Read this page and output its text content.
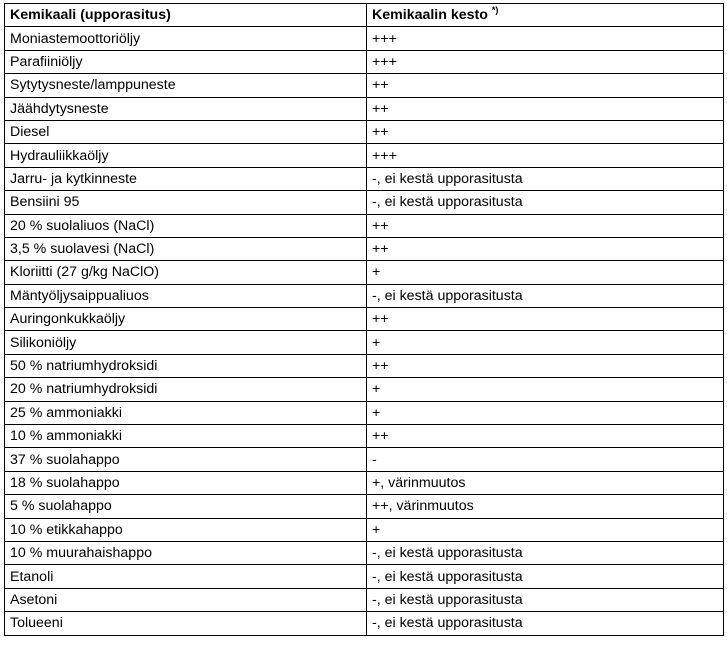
Kemikaali (upporasitus)	Kemikaalin kesto *)
Moniastemoottoriöljy	+++
Parafiiniöljy	+++
Sytytysneste/lamppuneste	++
Jäähdytysneste	++
Diesel	++
Hydrauliikkaöljy	+++
Jarru- ja kytkinneste	-, ei kestä upporasitusta
Bensiini 95	-, ei kestä upporasitusta
20 % suolaliuos (NaCl)	++
3,5 % suolavesi (NaCl)	++
Kloriitti (27 g/kg NaClO)	+
Mäntyöljysaippualiuos	-, ei kestä upporasitusta
Auringonkukkaöljy	++
Silikoniöljy	+
50 % natriumhydroksidi	++
20 % natriumhydroksidi	+
25 % ammoniakki	+
10 % ammoniakki	++
37 % suolahappo	-
18 % suolahappo	+, värinmuutos
5 % suolahappo	++, värinmuutos
10 % etikkahappo	+
10 % muurahaishappo	-, ei kestä upporasitusta
Etanoli	-, ei kestä upporasitusta
Asetoni	-, ei kestä upporasitusta
Tolueeni	-, ei kestä upporasitusta
